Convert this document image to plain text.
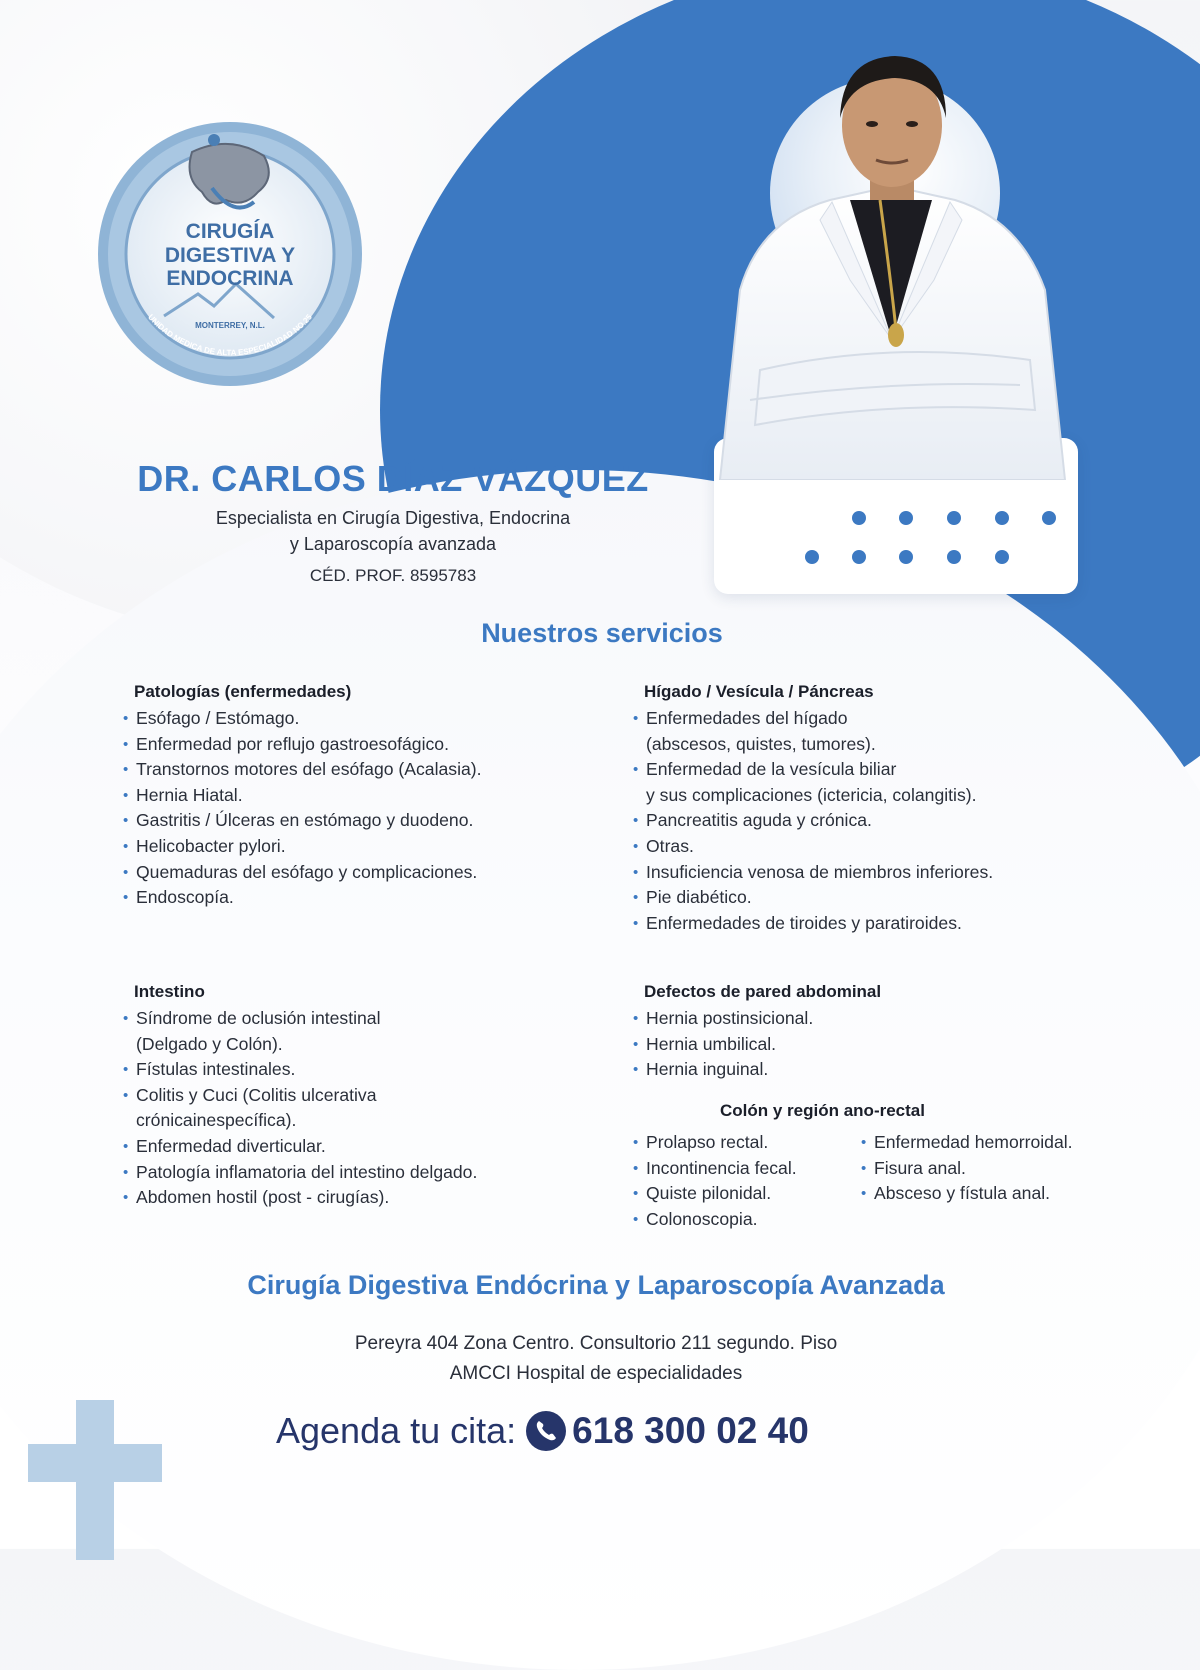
CIRUGÍA
DIGESTIVA Y
ENDOCRINA
MONTERREY, N.L.
UNIDAD MEDICA DE ALTA ESPECIALIDAD NO.25
DR. CARLOS DÍAZ VÁZQUEZ
Especialista en Cirugía Digestiva, Endocrina
y Laparoscopía avanzada
CÉD. PROF. 8595783
Nuestros servicios
Patologías (enfermedades)
• Esófago / Estómago.
• Enfermedad por reflujo gastroesofágico.
• Transtornos motores del esófago (Acalasia).
• Hernia Hiatal.
• Gastritis / Úlceras en estómago y duodeno.
• Helicobacter pylori.
• Quemaduras del esófago y complicaciones.
• Endoscopía.
Hígado / Vesícula / Páncreas
• Enfermedades del hígado
(abscesos, quistes, tumores).
• Enfermedad de la vesícula biliar
y sus complicaciones (ictericia, colangitis).
• Pancreatitis aguda y crónica.
• Otras.
• Insuficiencia venosa de miembros inferiores.
• Pie diabético.
• Enfermedades de tiroides y paratiroides.
Intestino
• Síndrome de oclusión intestinal
(Delgado y Colón).
• Fístulas intestinales.
• Colitis y Cuci (Colitis ulcerativa
crónicainespecífica).
• Enfermedad diverticular.
• Patología inflamatoria del intestino delgado.
• Abdomen hostil (post - cirugías).
Defectos de pared abdominal
• Hernia postinsicional.
• Hernia umbilical.
• Hernia inguinal.
Colón y región ano-rectal
• Prolapso rectal.
• Incontinencia fecal.
• Quiste pilonidal.
• Colonoscopia.
• Enfermedad hemorroidal.
• Fisura anal.
• Absceso y fístula anal.
Cirugía Digestiva Endócrina y Laparoscopía Avanzada
Pereyra 404 Zona Centro. Consultorio 211 segundo. Piso
AMCCI Hospital de especialidades
Agenda tu cita: 618 300 02 40
